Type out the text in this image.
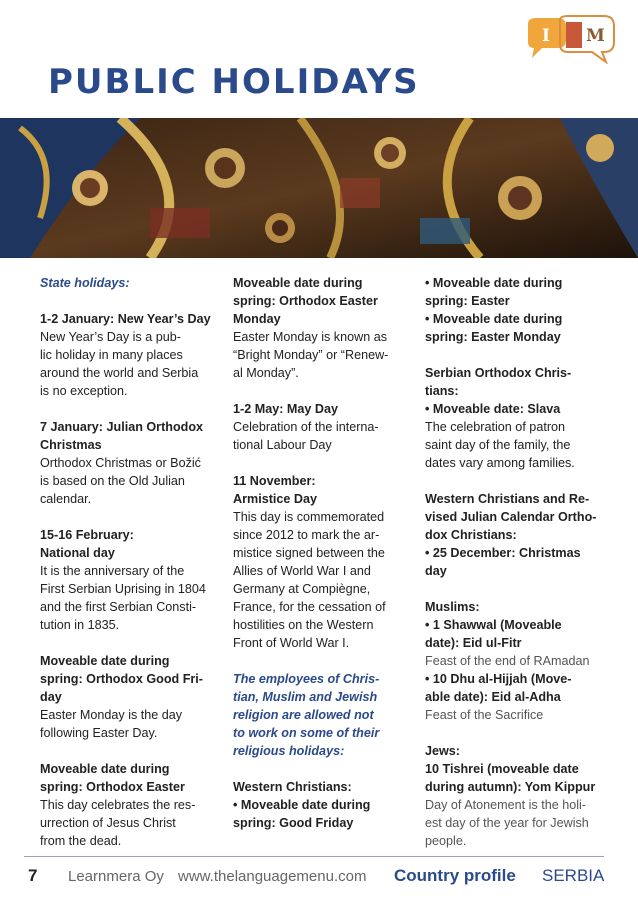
I M
PUBLIC HOLIDAYS

State holidays:

1-2 January: New Year’s Day
New Year’s Day is a pub-
lic holiday in many places
around the world and Serbia
is no exception.

7 January: Julian Orthodox
Christmas
Orthodox Christmas or Božić
is based on the Old Julian
calendar.

15-16 February:
National day
It is the anniversary of the
First Serbian Uprising in 1804
and the first Serbian Consti-
tution in 1835.

Moveable date during
spring: Orthodox Good Fri-
day
Easter Monday is the day
following Easter Day.

Moveable date during
spring: Orthodox Easter
This day celebrates the res-
urrection of Jesus Christ
from the dead.

Moveable date during
spring: Orthodox Easter
Monday
Easter Monday is known as
“Bright Monday” or “Renew-
al Monday”.

1-2 May: May Day
Celebration of the interna-
tional Labour Day

11 November:
Armistice Day
This day is commemorated
since 2012 to mark the ar-
mistice signed between the
Allies of World War I and
Germany at Compiègne,
France, for the cessation of
hostilities on the Western
Front of World War I.

The employees of Chris-
tian, Muslim and Jewish
religion are allowed not
to work on some of their
religious holidays:

Western Christians:
• Moveable date during
spring: Good Friday

• Moveable date during
spring: Easter
• Moveable date during
spring: Easter Monday

Serbian Orthodox Chris-
tians:
• Moveable date: Slava
The celebration of patron
saint day of the family, the
dates vary among families.

Western Christians and Re-
vised Julian Calendar Ortho-
dox Christians:
• 25 December: Christmas
day

Muslims:
• 1 Shawwal (Moveable
date): Eid ul-Fitr
Feast of the end of RAmadan
• 10 Dhu al-Hijjah (Move-
able date): Eid al-Adha
Feast of the Sacrifice

Jews:
10 Tishrei (moveable date
during autumn): Yom Kippur
Day of Atonement is the holi-
est day of the year for Jewish
people.

7 Learnmera Oy www.thelanguagemenu.com Country profile SERBIA
